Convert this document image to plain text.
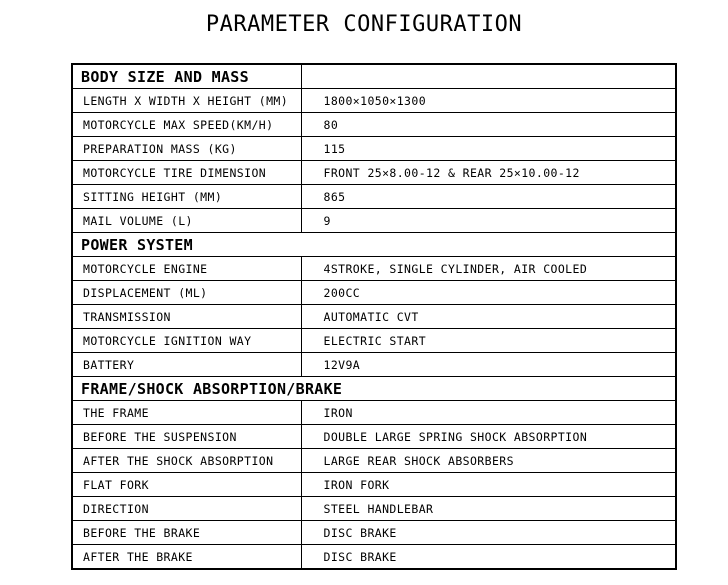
PARAMETER CONFIGURATION
BODY SIZE AND MASS	
LENGTH X WIDTH X HEIGHT (MM)	1800×1050×1300
MOTORCYCLE MAX SPEED(KM/H)	80
PREPARATION MASS (KG)	115
MOTORCYCLE TIRE DIMENSION	FRONT 25×8.00-12 & REAR 25×10.00-12
SITTING HEIGHT (MM)	865
MAIL VOLUME (L)	9
POWER SYSTEM	
MOTORCYCLE ENGINE	4STROKE, SINGLE CYLINDER, AIR COOLED
DISPLACEMENT (ML)	200CC
TRANSMISSION	AUTOMATIC CVT
MOTORCYCLE IGNITION WAY	ELECTRIC START
BATTERY	12V9A
FRAME/SHOCK ABSORPTION/BRAKE	
THE FRAME	IRON
BEFORE THE SUSPENSION	DOUBLE LARGE SPRING SHOCK ABSORPTION
AFTER THE SHOCK ABSORPTION	LARGE REAR SHOCK ABSORBERS
FLAT FORK	IRON FORK
DIRECTION	STEEL HANDLEBAR
BEFORE THE BRAKE	DISC BRAKE
AFTER THE BRAKE	DISC BRAKE
